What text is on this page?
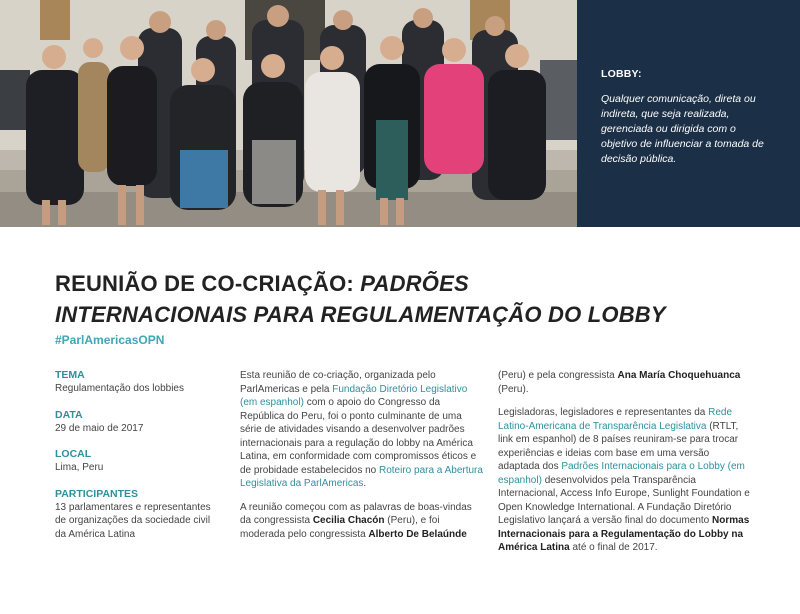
LOBBY:
Qualquer comunicação, direta ou indireta, que seja realizada, gerenciada ou dirigida com o objetivo de influenciar a tomada de decisão pública.
REUNIÃO DE CO-CRIAÇÃO: PADRÕES
INTERNACIONAIS PARA REGULAMENTAÇÃO DO LOBBY
#ParlAmericasOPN
TEMA
Regulamentação dos lobbies
DATA
29 de maio de 2017
LOCAL
Lima, Peru
PARTICIPANTES
13 parlamentares e representantes de organizações da sociedade civil da América Latina

Esta reunião de co-criação, organizada pelo ParlAmericas e pela Fundação Diretório Legislativo (em espanhol) com o apoio do Congresso da República do Peru, foi o ponto culminante de uma série de atividades visando a desenvolver padrões internacionais para a regulação do lobby na América Latina, em conformidade com compromissos éticos e de probidade estabelecidos no Roteiro para a Abertura Legislativa da ParlAmericas.

A reunião começou com as palavras de boas-vindas da congressista Cecilia Chacón (Peru), e foi moderada pelo congressista Alberto De Belaúnde

(Peru) e pela congressista Ana María Choquehuanca (Peru).

Legisladoras, legisladores e representantes da Rede Latino-Americana de Transparência Legislativa (RTLT, link em espanhol) de 8 países reuniram-se para trocar experiências e ideias com base em uma versão adaptada dos Padrões Internacionais para o Lobby (em espanhol) desenvolvidos pela Transparência Internacional, Access Info Europe, Sunlight Foundation e Open Knowledge International. A Fundação Diretório Legislativo lançará a versão final do documento Normas Internacionais para a Regulamentação do Lobby na América Latina até o final de 2017.
